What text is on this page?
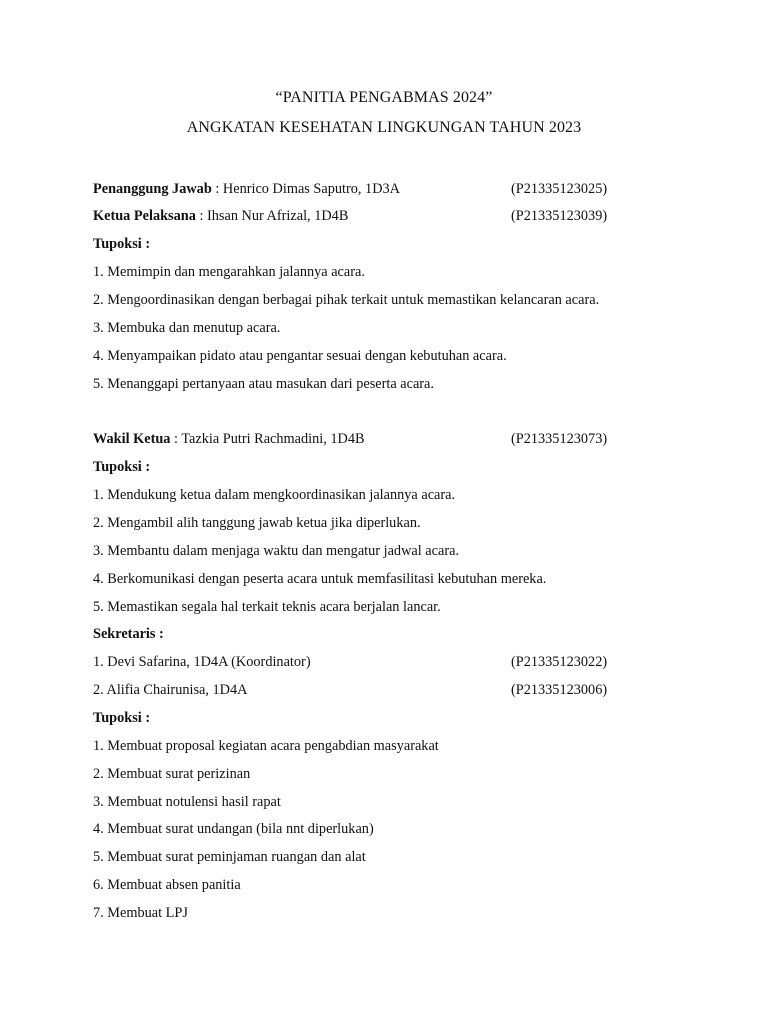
“PANITIA PENGABMAS 2024”
ANGKATAN KESEHATAN LINGKUNGAN TAHUN 2023
Penanggung Jawab : Henrico Dimas Saputro, 1D3A	(P21335123025)
Ketua Pelaksana : Ihsan Nur Afrizal, 1D4B	(P21335123039)
Tupoksi :
1. Memimpin dan mengarahkan jalannya acara.
2. Mengoordinasikan dengan berbagai pihak terkait untuk memastikan kelancaran acara.
3. Membuka dan menutup acara.
4. Menyampaikan pidato atau pengantar sesuai dengan kebutuhan acara.
5. Menanggapi pertanyaan atau masukan dari peserta acara.
Wakil Ketua : Tazkia Putri Rachmadini, 1D4B	(P21335123073)
Tupoksi :
1. Mendukung ketua dalam mengkoordinasikan jalannya acara.
2. Mengambil alih tanggung jawab ketua jika diperlukan.
3. Membantu dalam menjaga waktu dan mengatur jadwal acara.
4. Berkomunikasi dengan peserta acara untuk memfasilitasi kebutuhan mereka.
5. Memastikan segala hal terkait teknis acara berjalan lancar.
Sekretaris :
1. Devi Safarina, 1D4A (Koordinator)	(P21335123022)
2. Alifia Chairunisa, 1D4A	(P21335123006)
Tupoksi :
1. Membuat proposal kegiatan acara pengabdian masyarakat
2. Membuat surat perizinan
3. Membuat notulensi hasil rapat
4. Membuat surat undangan (bila nnt diperlukan)
5. Membuat surat peminjaman ruangan dan alat
6. Membuat absen panitia
7. Membuat LPJ
